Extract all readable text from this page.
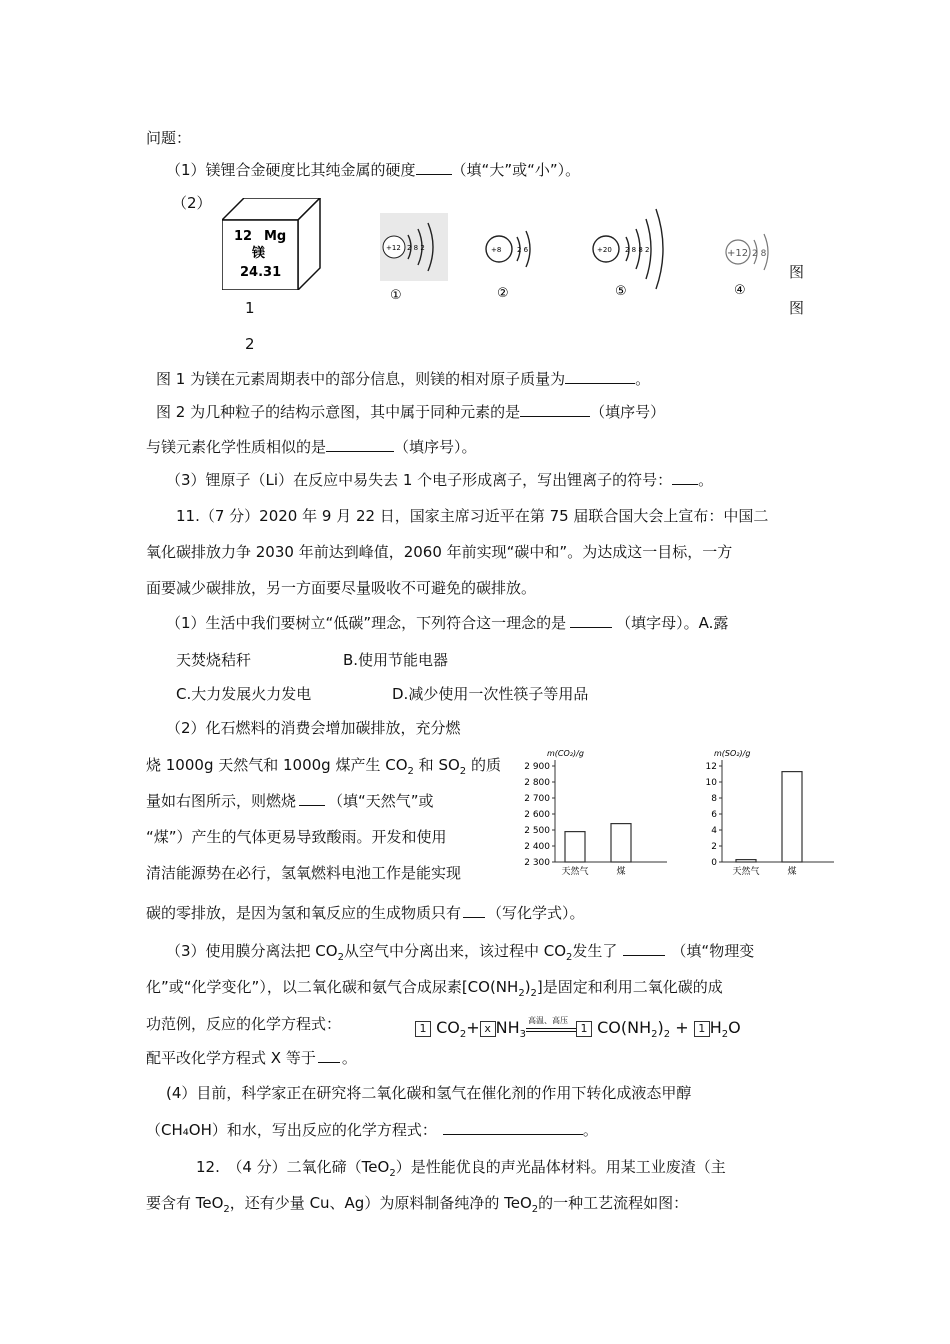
问题：
（1）镁锂合金硬度比其纯金属的硬度 （填“大”或“小”）。
（2）
12 Mg
镁
24.31
1
2
+12 2 8 2
①
+8 2 6
②
+20 2 8 8 2
⑤
+12 2 8
④
图
图
图 1 为镁在元素周期表中的部分信息，则镁的相对原子质量为	。
图 2 为几种粒子的结构示意图，其中属于同种元素的是	（填序号）
与镁元素化学性质相似的是	（填序号）。
（3）锂原子（Li）在反应中易失去 1 个电子形成离子，写出锂离子的符号： 。
11.（7 分）2020 年 9 月 22 日，国家主席习近平在第 75 届联合国大会上宣布：中国二
氧化碳排放力争 2030 年前达到峰值，2060 年前实现“碳中和”。为达成这一目标，一方
面要减少碳排放，另一方面要尽量吸收不可避免的碳排放。
（1）生活中我们要树立“低碳”理念，下列符合这一理念的是	（填字母）。A.露
天焚烧秸秆	B.使用节能电器
C.大力发展火力发电	D.减少使用一次性筷子等用品
（2）化石燃料的消费会增加碳排放，充分燃
烧 1000g 天然气和 1000g 煤产生 $CO_2$ 和 $SO_2$ 的质
量如右图所示，则燃烧 （填“天然气”或
“煤”）产生的气体更易导致酸雨。开发和使用
清洁能源势在必行，氢氧燃料电池工作是能实现
碳的零排放，是因为氢和氧反应的生成物质只有 （写化学式）。
m(CO₂)/g
2 300
2 400
2 500
2 600
2 700
2 800
2 900
天然气	煤
m(SO₂)/g
0
2
4
6
8
10
12
天然气	煤
（3）使用膜分离法把 $CO_2$从空气中分离出来，该过程中 $CO_2$发生了	（填“物理变
化”或“化学变化”），以二氧化碳和氨气合成尿素$[CO(NH_2)_2]$是固定和利用二氧化碳的成
功范例，反应的化学方程式：	1 $CO_2+ x$ $NH_3$
高温、高压
1 $CO(NH_2)_2 + 1$ $H_2O$
配平改化学方程式 X 等于 。
(4）目前，科学家正在研究将二氧化碳和氢气在催化剂的作用下转化成液态甲醇
（CH₄OH）和水，写出反应的化学方程式：	。
12.　（4 分）二氧化碲（TeO$_2$）是性能优良的声光晶体材料。用某工业废渣（主
要含有 TeO$_2$，还有少量 Cu、Ag）为原料制备纯净的 TeO$_2$的一种工艺流程如图：
